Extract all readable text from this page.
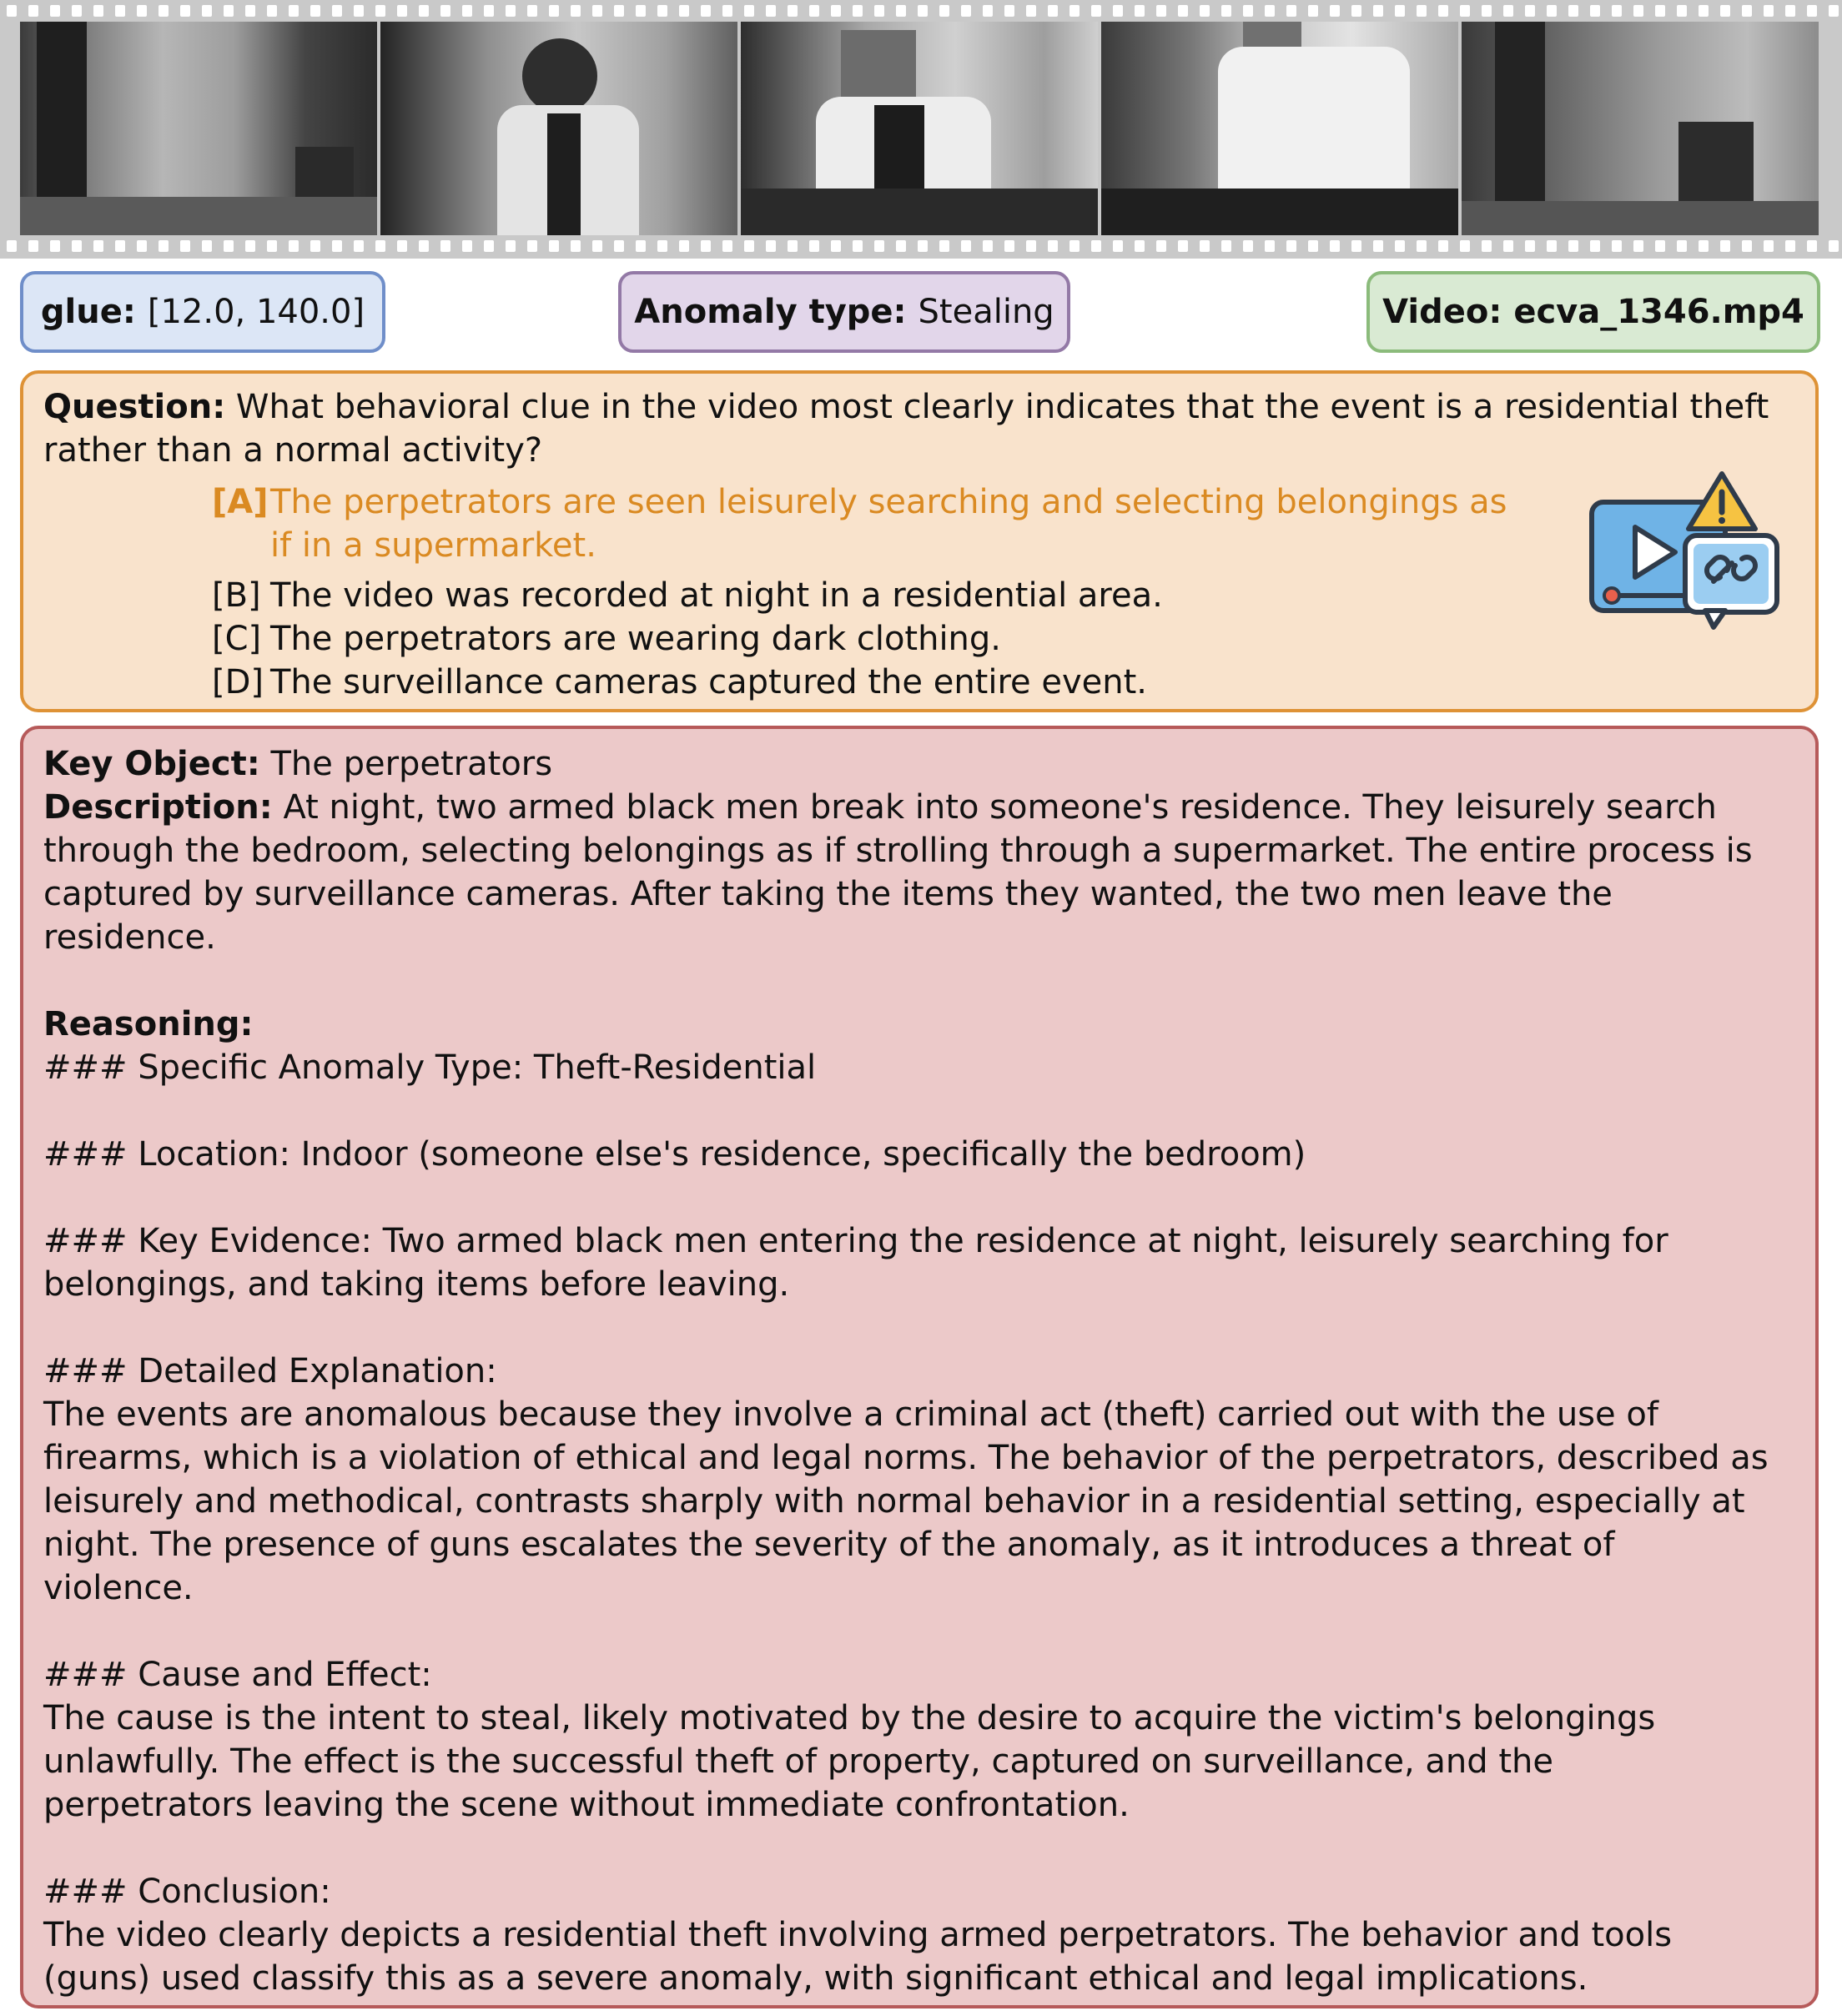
glue: [12.0, 140.0]	Anomaly type: Stealing	Video: ecva_1346.mp4
Question: What behavioral clue in the video most clearly indicates that the event is a residential theft rather than a normal activity?
[A] The perpetrators are seen leisurely searching and selecting belongings as if in a supermarket.
[B] The video was recorded at night in a residential area.
[C] The perpetrators are wearing dark clothing.
[D] The surveillance cameras captured the entire event.
Key Object: The perpetrators
Description: At night, two armed black men break into someone's residence. They leisurely search
through the bedroom, selecting belongings as if strolling through a supermarket. The entire process is
captured by surveillance cameras. After taking the items they wanted, the two men leave the
residence.
Reasoning:
### Specific Anomaly Type: Theft-Residential
### Location: Indoor (someone else's residence, specifically the bedroom)
### Key Evidence: Two armed black men entering the residence at night, leisurely searching for
belongings, and taking items before leaving.
### Detailed Explanation:
The events are anomalous because they involve a criminal act (theft) carried out with the use of
firearms, which is a violation of ethical and legal norms. The behavior of the perpetrators, described as
leisurely and methodical, contrasts sharply with normal behavior in a residential setting, especially at
night. The presence of guns escalates the severity of the anomaly, as it introduces a threat of
violence.
### Cause and Effect:
The cause is the intent to steal, likely motivated by the desire to acquire the victim's belongings
unlawfully. The effect is the successful theft of property, captured on surveillance, and the
perpetrators leaving the scene without immediate confrontation.
### Conclusion:
The video clearly depicts a residential theft involving armed perpetrators. The behavior and tools
(guns) used classify this as a severe anomaly, with significant ethical and legal implications.
